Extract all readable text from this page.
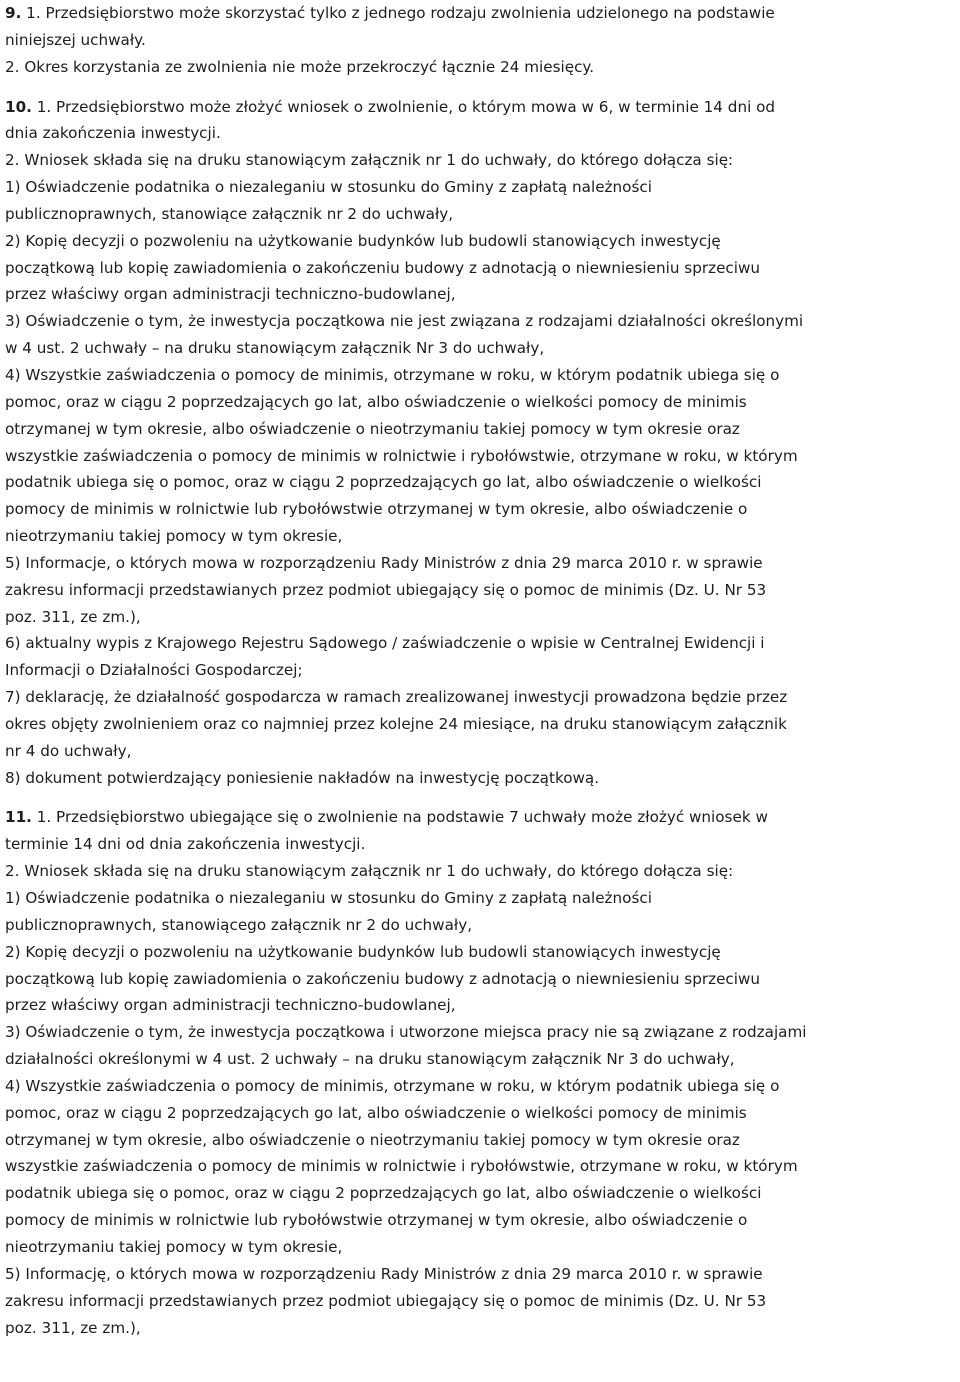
9. 1. Przedsiębiorstwo może skorzystać tylko z jednego rodzaju zwolnienia udzielonego na podstawie
niniejszej uchwały.
2. Okres korzystania ze zwolnienia nie może przekroczyć łącznie 24 miesięcy.
10. 1. Przedsiębiorstwo może złożyć wniosek o zwolnienie, o którym mowa w 6, w terminie 14 dni od
dnia zakończenia inwestycji.
2. Wniosek składa się na druku stanowiącym załącznik nr 1 do uchwały, do którego dołącza się:
1) Oświadczenie podatnika o niezaleganiu w stosunku do Gminy z zapłatą należności
publicznoprawnych, stanowiące załącznik nr 2 do uchwały,
2) Kopię decyzji o pozwoleniu na użytkowanie budynków lub budowli stanowiących inwestycję
początkową lub kopię zawiadomienia o zakończeniu budowy z adnotacją o niewniesieniu sprzeciwu
przez właściwy organ administracji techniczno-budowlanej,
3) Oświadczenie o tym, że inwestycja początkowa nie jest związana z rodzajami działalności określonymi
w 4 ust. 2 uchwały – na druku stanowiącym załącznik Nr 3 do uchwały,
4) Wszystkie zaświadczenia o pomocy de minimis, otrzymane w roku, w którym podatnik ubiega się o
pomoc, oraz w ciągu 2 poprzedzających go lat, albo oświadczenie o wielkości pomocy de minimis
otrzymanej w tym okresie, albo oświadczenie o nieotrzymaniu takiej pomocy w tym okresie oraz
wszystkie zaświadczenia o pomocy de minimis w rolnictwie i rybołówstwie, otrzymane w roku, w którym
podatnik ubiega się o pomoc, oraz w ciągu 2 poprzedzających go lat, albo oświadczenie o wielkości
pomocy de minimis w rolnictwie lub rybołówstwie otrzymanej w tym okresie, albo oświadczenie o
nieotrzymaniu takiej pomocy w tym okresie,
5) Informacje, o których mowa w rozporządzeniu Rady Ministrów z dnia 29 marca 2010 r. w sprawie
zakresu informacji przedstawianych przez podmiot ubiegający się o pomoc de minimis (Dz. U. Nr 53
poz. 311, ze zm.),
6) aktualny wypis z Krajowego Rejestru Sądowego / zaświadczenie o wpisie w Centralnej Ewidencji i
Informacji o Działalności Gospodarczej;
7) deklarację, że działalność gospodarcza w ramach zrealizowanej inwestycji prowadzona będzie przez
okres objęty zwolnieniem oraz co najmniej przez kolejne 24 miesiące, na druku stanowiącym załącznik
nr 4 do uchwały,
8) dokument potwierdzający poniesienie nakładów na inwestycję początkową.
11. 1. Przedsiębiorstwo ubiegające się o zwolnienie na podstawie 7 uchwały może złożyć wniosek w
terminie 14 dni od dnia zakończenia inwestycji.
2. Wniosek składa się na druku stanowiącym załącznik nr 1 do uchwały, do którego dołącza się:
1) Oświadczenie podatnika o niezaleganiu w stosunku do Gminy z zapłatą należności
publicznoprawnych, stanowiącego załącznik nr 2 do uchwały,
2) Kopię decyzji o pozwoleniu na użytkowanie budynków lub budowli stanowiących inwestycję
początkową lub kopię zawiadomienia o zakończeniu budowy z adnotacją o niewniesieniu sprzeciwu
przez właściwy organ administracji techniczno-budowlanej,
3) Oświadczenie o tym, że inwestycja początkowa i utworzone miejsca pracy nie są związane z rodzajami
działalności określonymi w 4 ust. 2 uchwały – na druku stanowiącym załącznik Nr 3 do uchwały,
4) Wszystkie zaświadczenia o pomocy de minimis, otrzymane w roku, w którym podatnik ubiega się o
pomoc, oraz w ciągu 2 poprzedzających go lat, albo oświadczenie o wielkości pomocy de minimis
otrzymanej w tym okresie, albo oświadczenie o nieotrzymaniu takiej pomocy w tym okresie oraz
wszystkie zaświadczenia o pomocy de minimis w rolnictwie i rybołówstwie, otrzymane w roku, w którym
podatnik ubiega się o pomoc, oraz w ciągu 2 poprzedzających go lat, albo oświadczenie o wielkości
pomocy de minimis w rolnictwie lub rybołówstwie otrzymanej w tym okresie, albo oświadczenie o
nieotrzymaniu takiej pomocy w tym okresie,
5) Informację, o których mowa w rozporządzeniu Rady Ministrów z dnia 29 marca 2010 r. w sprawie
zakresu informacji przedstawianych przez podmiot ubiegający się o pomoc de minimis (Dz. U. Nr 53
poz. 311, ze zm.),
